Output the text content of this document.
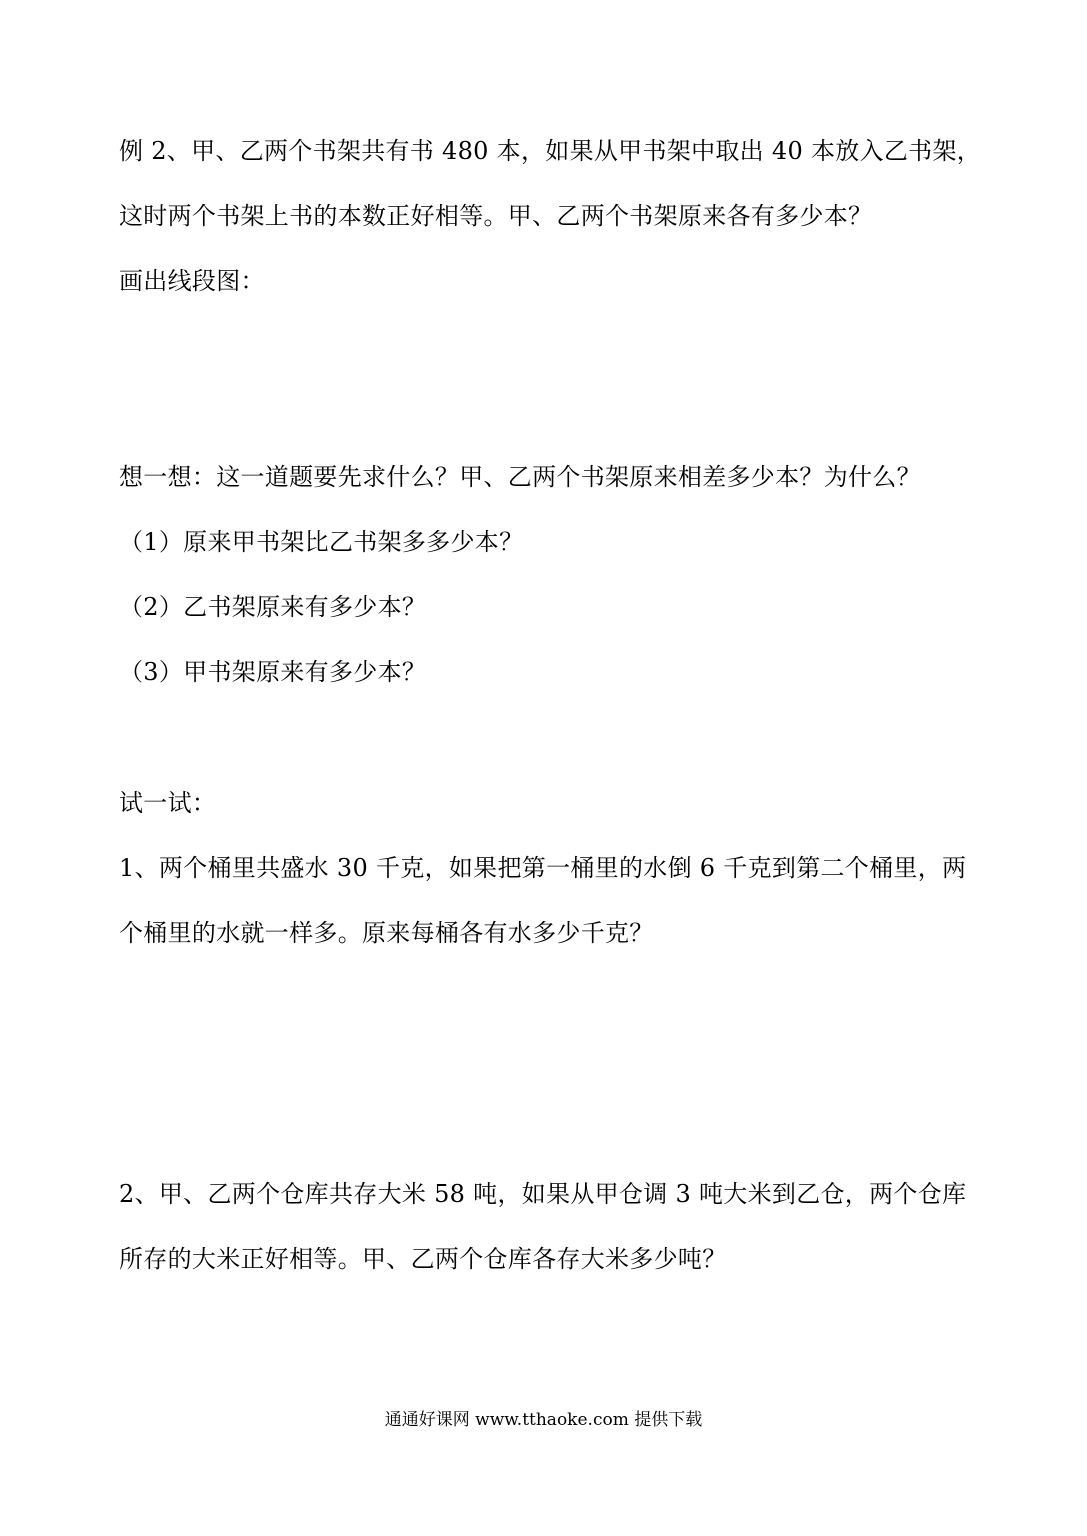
例 2、甲、乙两个书架共有书 480 本，如果从甲书架中取出 40 本放入乙书架，
这时两个书架上书的本数正好相等。甲、乙两个书架原来各有多少本？
画出线段图：
想一想：这一道题要先求什么？甲、乙两个书架原来相差多少本？为什么？
（1）原来甲书架比乙书架多多少本？
（2）乙书架原来有多少本？
（3）甲书架原来有多少本？
试一试：
1、两个桶里共盛水 30 千克，如果把第一桶里的水倒 6 千克到第二个桶里，两
个桶里的水就一样多。原来每桶各有水多少千克？
2、甲、乙两个仓库共存大米 58 吨，如果从甲仓调 3 吨大米到乙仓，两个仓库
所存的大米正好相等。甲、乙两个仓库各存大米多少吨？
通通好课网 www.tthaoke.com 提供下载
